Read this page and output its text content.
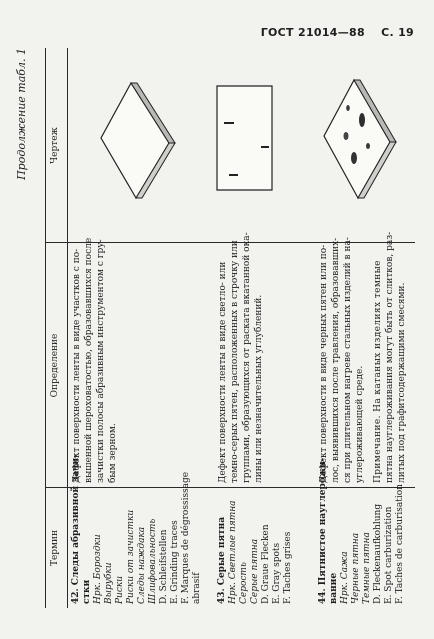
ГОСТ 21014—88 С. 19
Продолжение табл. 1
Термин
Определение
Чертеж
42. Следы абразивной зачи- стки Нрк. Бороздки Вырубки Риски Риски от зачистки Следы наждака Шлифовальность D. Schleifstellen E. Grinding traces F. Marques de dégrossissage abrasif

Дефект поверхности ленты в виде участков с по- вышенной шероховатостью, образовавшихся после зачистки полосы абразивным инструментом с гру- бым зерном.

43. Серые пятна Нрк. Светлые пятна Серость Серые пятна D. Graue Flecken E. Gray spots F. Taches grises

Дефект поверхности ленты в виде светло- или темно-серых пятен, расположенных в строчку или группами, образующихся от раската вкатанной ока- лины или незначительных углублений.

44. Пятнистое науглерожи- вание Нрк. Сажа Черные пятна Темные пятна D. Fleckenaufkohlung E. Spot carburization F. Taches de carburisation

Дефект поверхности в виде черных пятен или по- лос, выявившихся после травления, образовавших- ся при длительном нагреве стальных изделий в на- углероживающей среде. Примечание. На катаных изделиях темные пятна науглероживания могут быть от слитков, раз- литых под графитсодержащими смесями.
